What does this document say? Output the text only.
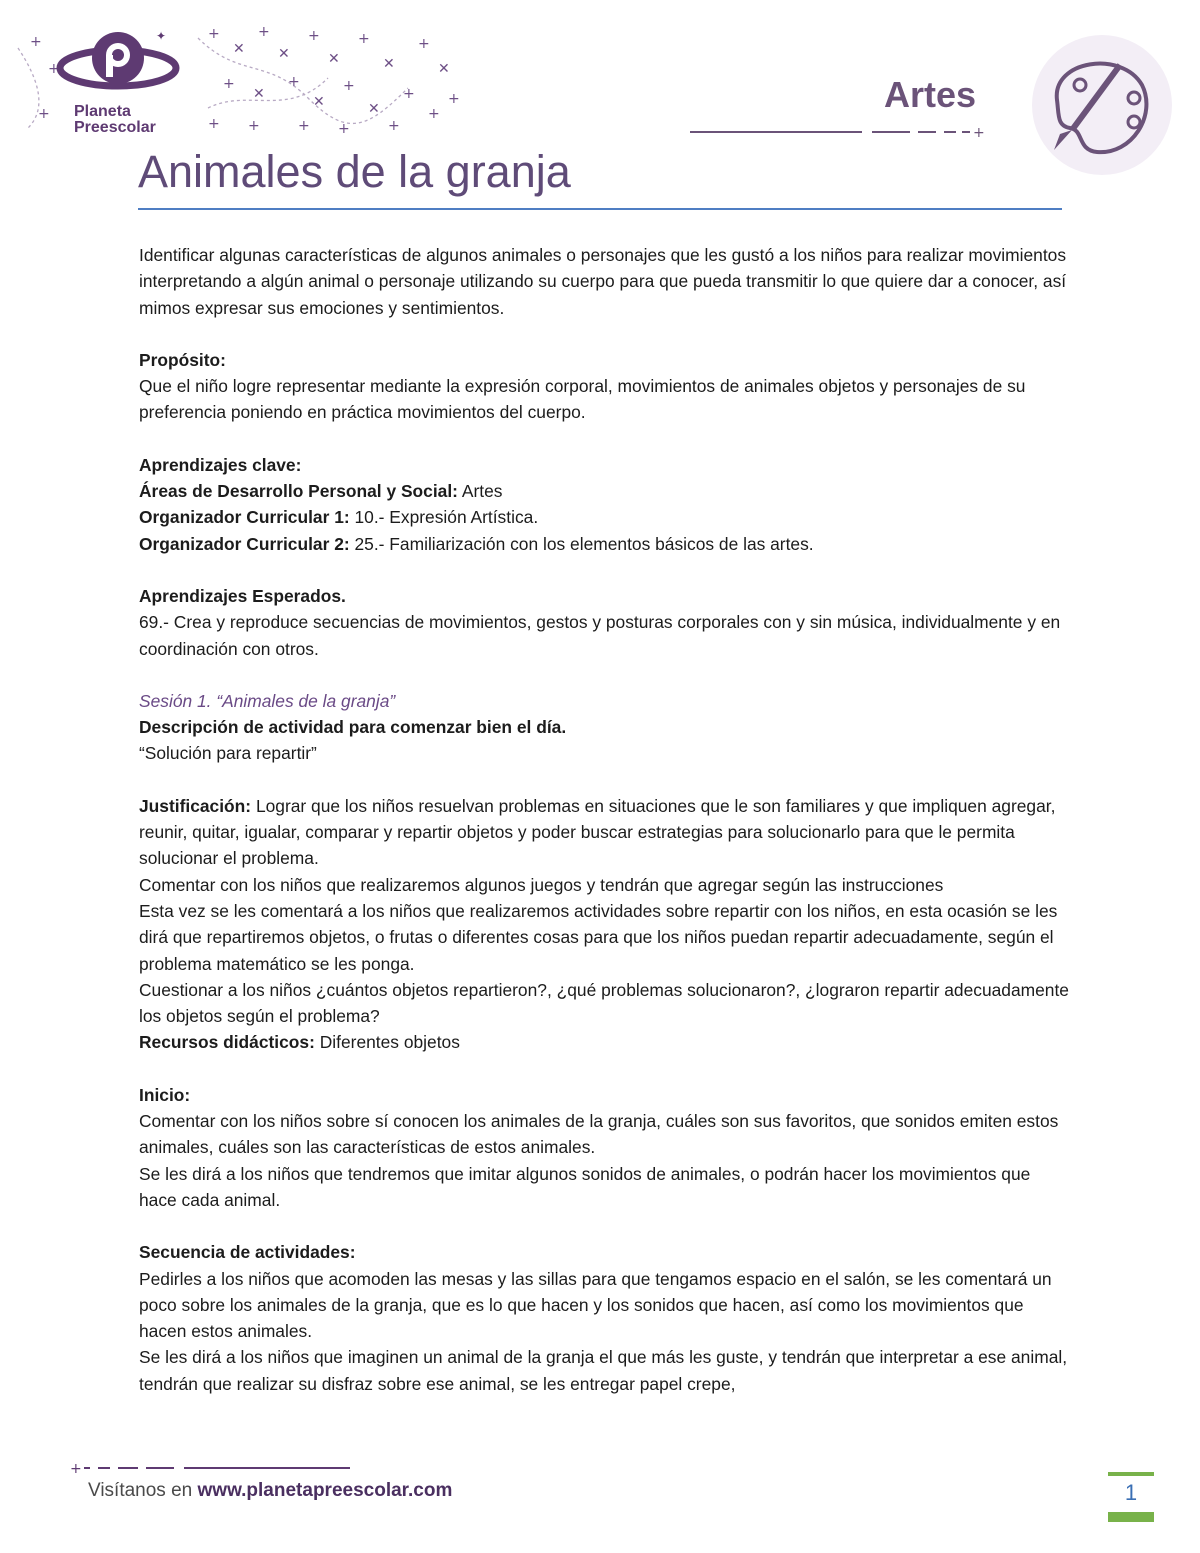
+
+
+
+
✕
+
✕
+
✕
+
✕
+
✕
+
✕
+
✕
+
✕
+
+
+ +	+ +	+
+
✦
Planeta
Preescolar
Artes
+
Animales de la granja

Identificar algunas características de algunos animales o personajes que les gustó a los niños para realizar movimientos interpretando a algún animal o personaje utilizando su cuerpo para que pueda transmitir lo que quiere dar a conocer, así mimos expresar sus emociones y sentimientos.

Propósito:

Que el niño logre representar mediante la expresión corporal, movimientos de animales objetos y personajes de su preferencia poniendo en práctica movimientos del cuerpo.

Aprendizajes clave:

Áreas de Desarrollo Personal y Social: Artes

Organizador Curricular 1: 10.- Expresión Artística.

Organizador Curricular 2: 25.- Familiarización con los elementos básicos de las artes.

Aprendizajes Esperados.

69.- Crea y reproduce secuencias de movimientos, gestos y posturas corporales con y sin música, individualmente y en coordinación con otros.

Sesión 1. “Animales de la granja”

Descripción de actividad para comenzar bien el día.

“Solución para repartir”

Justificación: Lograr que los niños resuelvan problemas en situaciones que le son familiares y que impliquen agregar, reunir, quitar, igualar, comparar y repartir objetos y poder buscar estrategias para solucionarlo para que le permita solucionar el problema.

Comentar con los niños que realizaremos algunos juegos y tendrán que agregar según las instrucciones

Esta vez se les comentará a los niños que realizaremos actividades sobre repartir con los niños, en esta ocasión se les dirá que repartiremos objetos, o frutas o diferentes cosas para que los niños puedan repartir adecuadamente, según el problema matemático se les ponga.

Cuestionar a los niños ¿cuántos objetos repartieron?, ¿qué problemas solucionaron?, ¿lograron repartir adecuadamente los objetos según el problema?

Recursos didácticos: Diferentes objetos

Inicio:

Comentar con los niños sobre sí conocen los animales de la granja, cuáles son sus favoritos, que sonidos emiten estos animales, cuáles son las características de estos animales.

Se les dirá a los niños que tendremos que imitar algunos sonidos de animales, o podrán hacer los movimientos que hace cada animal.

Secuencia de actividades:

Pedirles a los niños que acomoden las mesas y las sillas para que tengamos espacio en el salón, se les comentará un poco sobre los animales de la granja, que es lo que hacen y los sonidos que hacen, así como los movimientos que hacen estos animales.

Se les dirá a los niños que imaginen un animal de la granja el que más les guste, y tendrán que interpretar a ese animal, tendrán que realizar su disfraz sobre ese animal, se les entregar papel crepe,

+
Visítanos en www.planetapreescolar.com	1
